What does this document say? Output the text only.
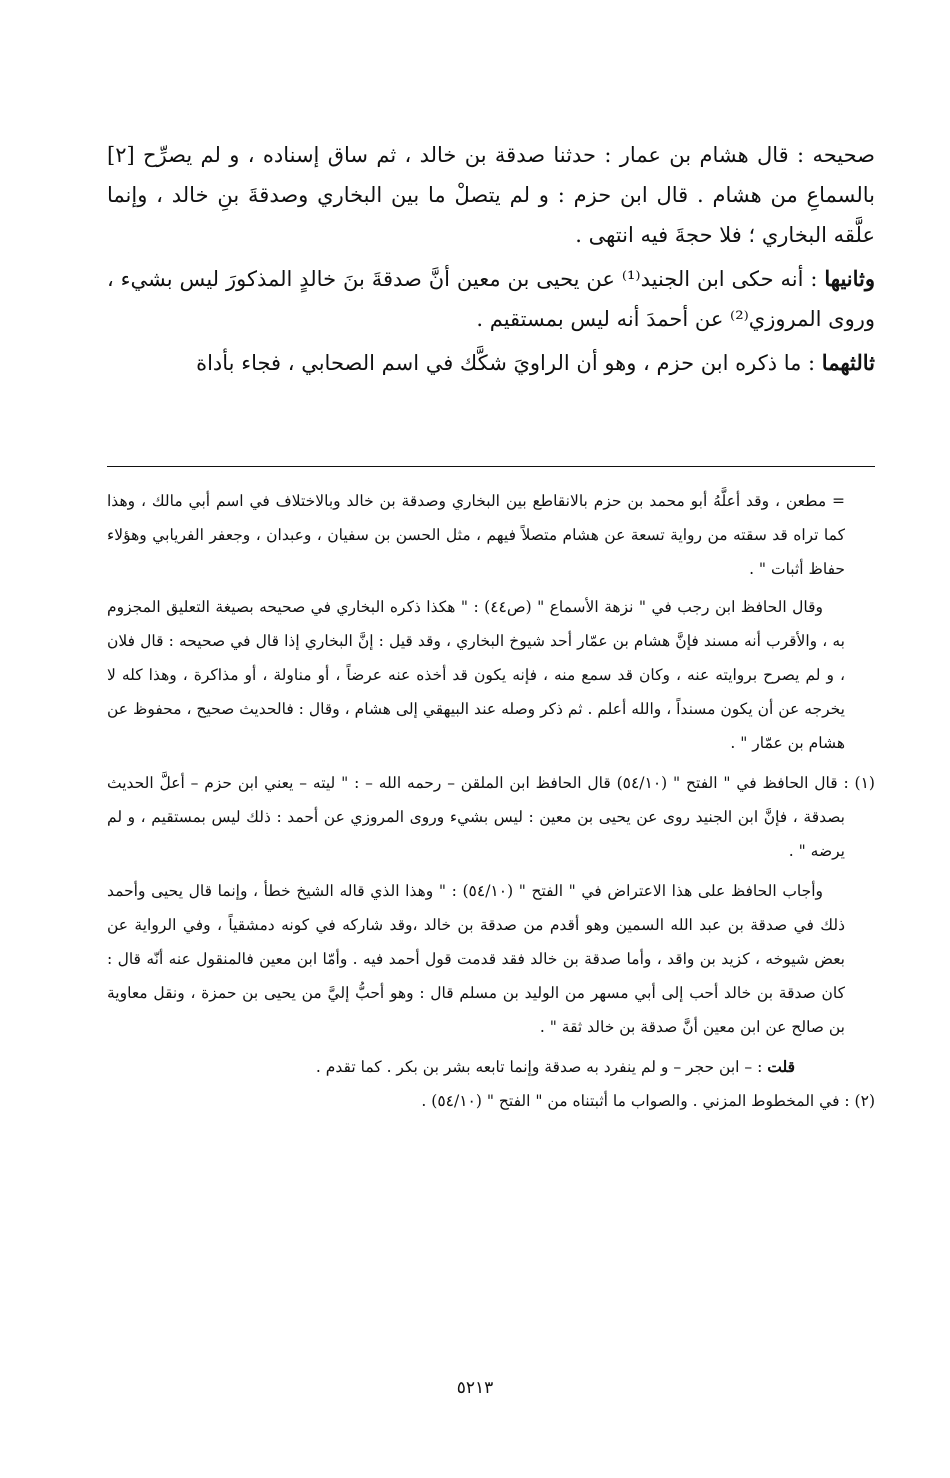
صحيحه : قال هشام بن عمار : حدثنا صدقة بن خالد ، ثم ساق إسناده ، و لم يصرِّح [٢] بالسماعِ من هشام . قال ابن حزم : و لم يتصلْ ما بين البخاري وصدقةَ بنِ خالد ، وإنما علَّقه البخاري ؛ فلا حجةَ فيه انتهى .

وثانيها : أنه حكى ابن الجنيد⁽¹⁾ عن يحيى بن معين أنَّ صدقةَ بنَ خالدٍ المذكورَ ليس بشيء ، وروى المروزي⁽²⁾ عن أحمدَ أنه ليس بمستقيم .

ثالثهما : ما ذكره ابن حزم ، وهو أن الراويَ شكَّك في اسم الصحابي ، فجاء بأداة

= مطعن ، وقد أعلَّهُ أبو محمد بن حزم بالانقاطع بين البخاري وصدقة بن خالد وبالاختلاف في اسم أبي مالك ، وهذا كما تراه قد سقته من رواية تسعة عن هشام متصلاً فيهم ، مثل الحسن بن سفيان ، وعبدان ، وجعفر الفريابي وهؤلاء حفاظ أثبات " .

وقال الحافظ ابن رجب في " نزهة الأسماع " (ص٤٤) : " هكذا ذكره البخاري في صحيحه بصيغة التعليق المجزوم به ، والأقرب أنه مسند فإنَّ هشام بن عمّار أحد شيوخ البخاري ، وقد قيل : إنَّ البخاري إذا قال في صحيحه : قال فلان ، و لم يصرح بروايته عنه ، وكان قد سمع منه ، فإنه يكون قد أخذه عنه عرضاً ، أو مناولة ، أو مذاكرة ، وهذا كله لا يخرجه عن أن يكون مسنداً ، والله أعلم . ثم ذكر وصله عند البيهقي إلى هشام ، وقال : فالحديث صحيح ، محفوظ عن هشام بن عمّار " .

(١) : قال الحافظ في " الفتح " (٥٤/١٠) قال الحافظ ابن الملقن – رحمه الله – : " ليته – يعني ابن حزم – أعلَّ الحديث بصدقة ، فإنَّ ابن الجنيد روى عن يحيى بن معين : ليس بشيء وروى المروزي عن أحمد : ذلك ليس بمستقيم ، و لم يرضه " .

وأجاب الحافظ على هذا الاعتراض في " الفتح " (٥٤/١٠) : " وهذا الذي قاله الشيخ خطأ ، وإنما قال يحيى وأحمد ذلك في صدقة بن عبد الله السمين وهو أقدم من صدقة بن خالد ،وقد شاركه في كونه دمشقياً ، وفي الرواية عن بعض شيوخه ، كزيد بن واقد ، وأما صدقة بن خالد فقد قدمت قول أحمد فيه . وأمّا ابن معين فالمنقول عنه أنّه قال : كان صدقة بن خالد أحب إلى أبي مسهر من الوليد بن مسلم قال : وهو أحبُّ إليَّ من يحيى بن حمزة ، ونقل معاوية بن صالح عن ابن معين أنَّ صدقة بن خالد ثقة " .

قلت : – ابن حجر – و لم ينفرد به صدقة وإنما تابعه بشر بن بكر . كما تقدم .

(٢) : في المخطوط المزني . والصواب ما أثبتناه من " الفتح " (٥٤/١٠) .

٥٢١٣
